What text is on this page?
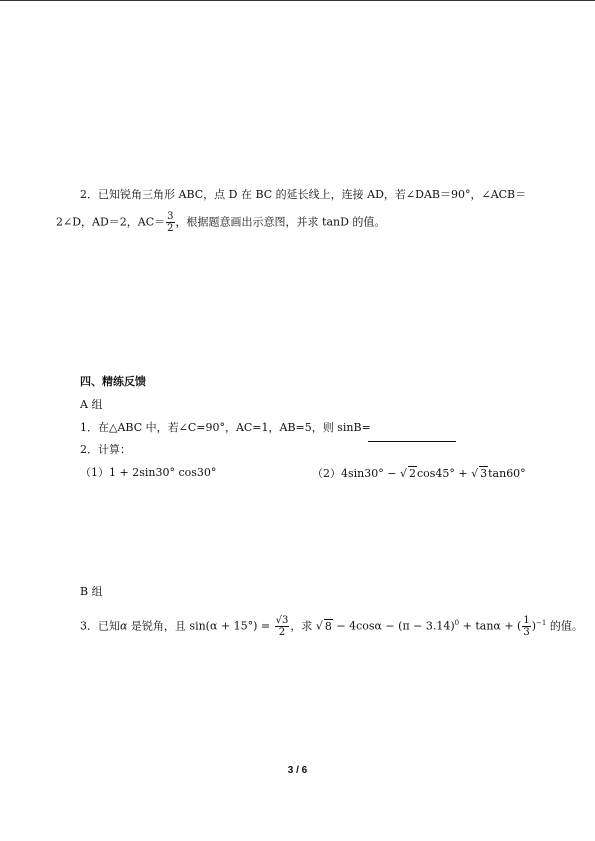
2．已知锐角三角形 ABC，点 D 在 BC 的延长线上，连接 AD，若∠DAB＝90°，∠ACB＝
2∠D，AD＝2，$AC= \frac{3}{2}$ ，根据题意画出示意图，并求 tanD 的值。
四、精练反馈
A 组
1．在△ABC 中，若∠C=90°，AC=1，AB=5，则 sinB=
2．计算：
（1）1 + 2sin30° cos30°	（2）4sin30° − √ 2cos45° + √ 3tan60°
B 组
3．已知α 是锐角，且 $\sin(\alpha + 15^\circ) = \frac{√3}{2}$ ，求 √ $8 - 4\cos\alpha - (\pi - 3.14)^0 + \tan\alpha$ + ( $\frac{1}{3} )^{-1}$ 的值。
3 / 6
